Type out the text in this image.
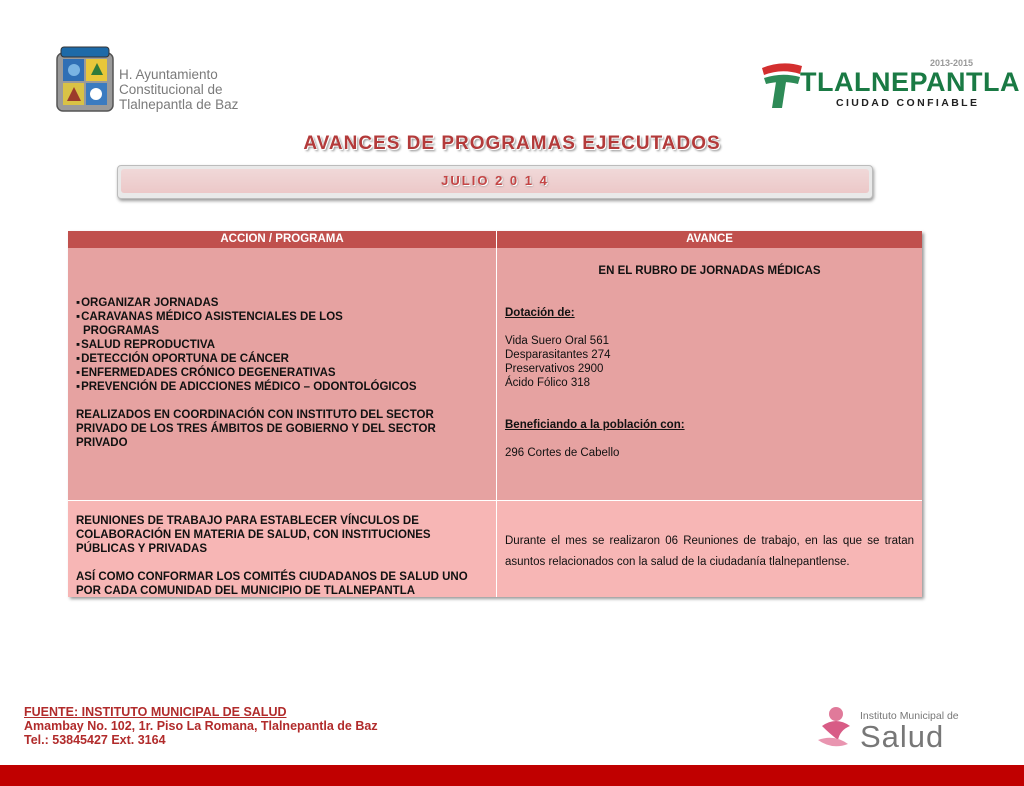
H. Ayuntamiento
Constitucional de
Tlalnepantla de Baz
TLALNEPANTLA
2013-2015
CIUDAD CONFIABLE
AVANCES DE PROGRAMAS EJECUTADOS
JULIO 2 0 1 4
ACCION / PROGRAMA	AVANCE
▪ ORGANIZAR JORNADAS
▪ CARAVANAS MÉDICO ASISTENCIALES DE LOS
PROGRAMAS
▪ SALUD REPRODUCTIVA
▪ DETECCIÓN OPORTUNA DE CÁNCER
▪ ENFERMEDADES CRÓNICO DEGENERATIVAS
▪ PREVENCIÓN DE ADICCIONES MÉDICO – ODONTOLÓGICOS
REALIZADOS EN COORDINACIÓN CON INSTITUTO DEL SECTOR PRIVADO DE LOS TRES ÁMBITOS DE GOBIERNO Y DEL SECTOR PRIVADO
EN EL RUBRO DE JORNADAS MÉDICAS
Dotación de:
Vida Suero Oral 561
Desparasitantes 274
Preservativos 2900
Ácido Fólico 318
Beneficiando a la población con:
296 Cortes de Cabello
REUNIONES DE TRABAJO PARA ESTABLECER VÍNCULOS DE COLABORACIÓN EN MATERIA DE SALUD, CON INSTITUCIONES PÚBLICAS Y PRIVADAS
ASÍ COMO CONFORMAR LOS COMITÉS CIUDADANOS DE SALUD UNO POR CADA COMUNIDAD DEL MUNICIPIO DE TLALNEPANTLA
Durante el mes se realizaron 06 Reuniones de trabajo, en las que se tratan
asuntos relacionados con la salud de la ciudadanía tlalnepantlense.
FUENTE: INSTITUTO MUNICIPAL DE SALUD
Amambay No. 102, 1r. Piso La Romana, Tlalnepantla de Baz
Tel.: 53845427 Ext. 3164
Instituto Municipal de
Salud
